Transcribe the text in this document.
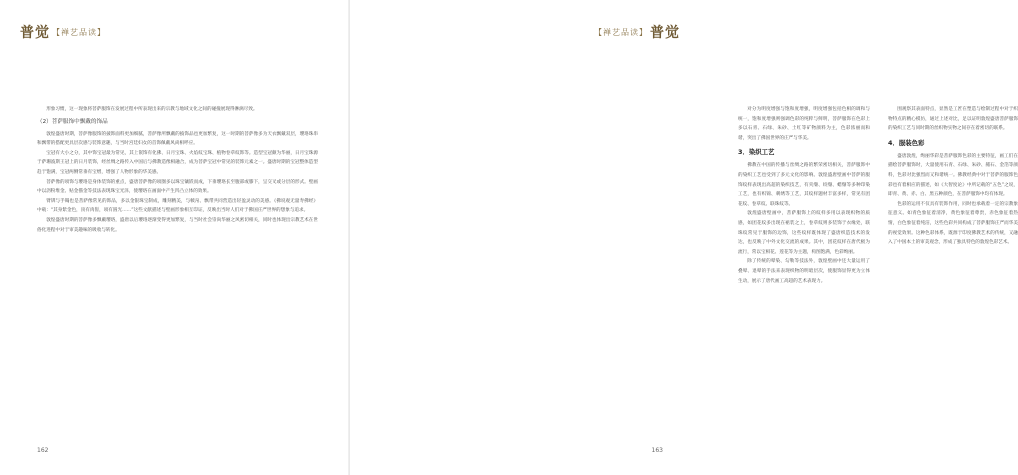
普觉 【禅艺品读】

形象习惯，这一现象将菩萨服饰在发展过程中所表现出来的宗教与地域文化之间的碰撞展现得淋漓尽致。

（2）菩萨服饰中飘戴的饰品

敦煌盛唐时期，菩萨像服饰的披饰面料更加细腻，菩萨像所飘戴的披饰品也更加繁复，这一时期的菩萨像多为天衣飘戴双层，璎珞珠串和飘带的搭配更具层次感与装饰意趣，与当时宫廷妇女的首饰佩戴风尚相呼应。

宝冠有大小之分，其中饰宝冠最为常见，其上嵌饰有化佛、日月宝珠、火焰纹宝珠、植物卷草纹饰等。造型宝冠颇为华丽，日月宝珠源于萨珊波斯王冠上的日月装饰，经丝绸之路传入中国后与佛教造像相融合，成为菩萨宝冠中常见的装饰元素之一。盛唐时期的宝冠整体造型趋于饱满，宝冠两侧常垂有宝缯，增强了人物形象的华美感。

菩萨像的项饰与璎珞是身体装饰的重点，盛唐菩萨像的项圈多以珠宝镶嵌而成，下垂璎珞长至腹部或膝下，呈交叉或分层的形式。壁画中以沥粉堆金、贴金描金等技法表现珠宝光泽，使璎珞在画面中产生凹凸立体的效果。

臂钏与手镯也是菩萨像常见的饰品，多以金银珠宝制成，雕刻精美，与帔帛、飘带共同营造出轻盈灵动的美感。《佛说观无量寿佛经》中载：“其身紫金色，顶有肉髻，项有圆光……”这些文献描述与壁画形象相互印证，反映出当时人们对于佛国庄严世界的想象与追求。

敦煌盛唐时期的菩萨像多飘戴璎珞，盛唐以后璎珞逐渐变得更加繁复，与当时社会崇尚华丽之风密切相关，同时也体现出宗教艺术在世俗化进程中对于审美趣味的吸收与转化。

162
【禅艺品读】 普觉

对分为明度增强与饱和度增强，明度增强包括色相的调和与统一，饱和度增强则强调色彩的纯粹与鲜明，菩萨服饰在色彩上多以石青、石绿、朱砂、土红等矿物颜料为主，色彩浓丽而和谐，突出了佛国世界的庄严与华美。

3．染织工艺

佛教在中国的传播与丝绸之路的繁荣密切相关，菩萨服饰中的染织工艺也受到了多元文化的影响。敦煌盛唐壁画中菩萨的服饰纹样表现出高超的染织技艺，有夹缬、绞缬、蜡缬等多种印染工艺，也有织锦、刺绣等工艺，其纹样题材丰富多样，常见有团花纹、卷草纹、联珠纹等。

敦煌盛唐壁画中，菩萨服饰上的纹样多用以表现织物的质感，如团花纹多出现在裙装之上，卷草纹则多装饰于衣缘处，联珠纹常见于服饰的边饰，这些纹样既体现了盛唐织造技术的发达，也反映了中外文化交流的成果。其中，团花纹样在唐代极为流行，常以宝相花、莲花等为主题，构图饱满，色彩绚丽。

除了传统的晕染、勾勒等技法外，敦煌壁画中还大量运用了叠晕、退晕的手法来表现织物的明暗层次，使服饰显得更为立体生动，展示了唐代画工高超的艺术表现力。

围观察其表面特点，显然是工匠在塑造与绘制过程中对于织物特点的精心模仿，通过上述对比，足以证明敦煌盛唐菩萨服饰的染织工艺与同时期的丝织物实物之间存在着密切的联系。

4．服装色彩

盛唐敦煌，绚丽华彩是菩萨服饰色彩的主要特征，画工们在描绘菩萨服饰时，大量使用石青、石绿、朱砂、赭石、金箔等颜料，色彩对比强烈而又和谐统一。佛教经典中对于菩萨的服饰色彩也有着相应的描述，如《大智度论》中所记载的“五色”之说，即青、黄、赤、白、黑五种颜色，在菩萨服饰中均有体现。

色彩的运用不仅具有装饰作用，同时也承载着一定的宗教象征意义。如青色象征着清净，黄色象征着尊贵，赤色象征着热情，白色象征着纯洁，这些色彩共同构成了菩萨服饰庄严而华美的视觉效果。这种色彩体系，既源于印度佛教艺术的传统，又融入了中国本土的审美观念，形成了独具特色的敦煌色彩艺术。

163
